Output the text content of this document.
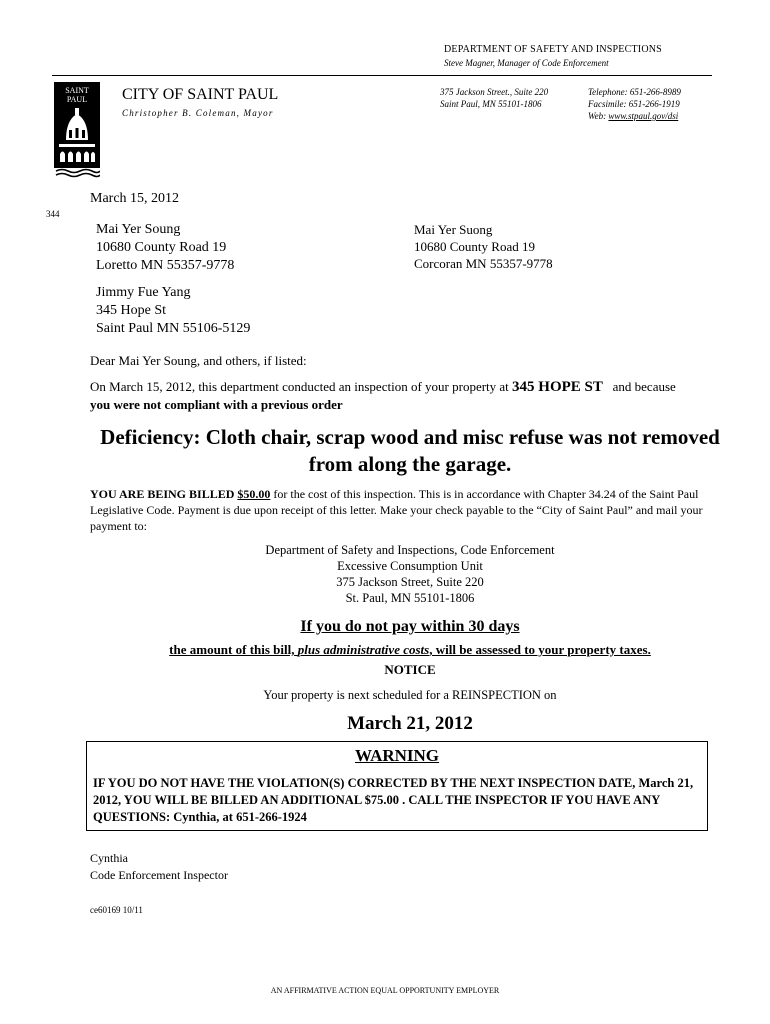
DEPARTMENT OF SAFETY AND INSPECTIONS
Steve Magner, Manager of Code Enforcement
SAINT
PAUL CITY OF SAINT PAUL
Christopher B. Coleman, Mayor
375 Jackson Street., Suite 220
Saint Paul, MN 55101-1806
Telephone: 651-266-8989
Facsimile: 651-266-1919
Web: www.stpaul.gov/dsi
March 15, 2012
344
Mai Yer Soung
10680 County Road 19
Loretto MN 55357-9778
Mai Yer Suong
10680 County Road 19
Corcoran MN 55357-9778
Jimmy Fue Yang
345 Hope St
Saint Paul MN 55106-5129
Dear Mai Yer Soung, and others, if listed:
On March 15, 2012, this department conducted an inspection of your property at 345 HOPE ST and because
you were not compliant with a previous order
Deficiency: Cloth chair, scrap wood and misc refuse was not removed from along the garage.
YOU ARE BEING BILLED $50.00 for the cost of this inspection. This is in accordance with Chapter 34.24 of the Saint Paul Legislative Code. Payment is due upon receipt of this letter. Make your check payable to the “City of Saint Paul” and mail your payment to:
Department of Safety and Inspections, Code Enforcement
Excessive Consumption Unit
375 Jackson Street, Suite 220
St. Paul, MN 55101-1806
If you do not pay within 30 days
the amount of this bill, plus administrative costs, will be assessed to your property taxes.
NOTICE
Your property is next scheduled for a REINSPECTION on
March 21, 2012
WARNING
IF YOU DO NOT HAVE THE VIOLATION(S) CORRECTED BY THE NEXT INSPECTION DATE, March 21, 2012, YOU WILL BE BILLED AN ADDITIONAL $75.00 . CALL THE INSPECTOR IF YOU HAVE ANY QUESTIONS: Cynthia, at 651-266-1924
Cynthia
Code Enforcement Inspector
ce60169 10/11
AN AFFIRMATIVE ACTION EQUAL OPPORTUNITY EMPLOYER
